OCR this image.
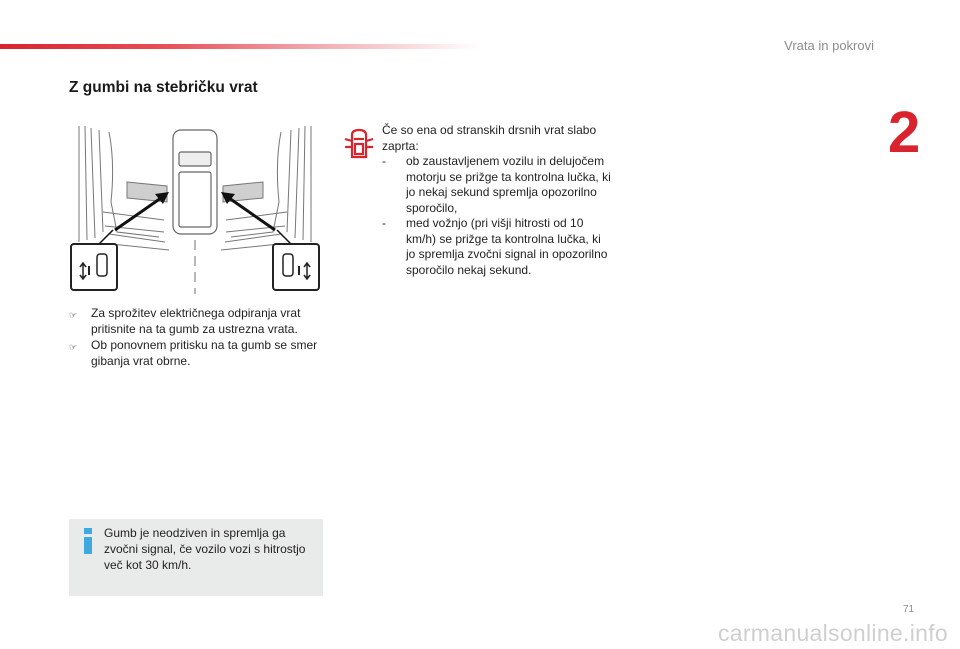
Vrata in pokrovi
2
Z gumbi na stebričku vrat
☞	Za sprožitev električnega odpiranja vrat pritisnite na ta gumb za ustrezna vrata.
☞	Ob ponovnem pritisku na ta gumb se smer gibanja vrat obrne.
Če so ena od stranskih drsnih vrat slabo zaprta:
-	ob zaustavljenem vozilu in delujočem motorju se prižge ta kontrolna lučka, ki jo nekaj sekund spremlja opozorilno sporočilo,
-	med vožnjo (pri višji hitrosti od 10 km/h) se prižge ta kontrolna lučka, ki jo spremlja zvočni signal in opozorilno sporočilo nekaj sekund.
Gumb je neodziven in spremlja ga zvočni signal, če vozilo vozi s hitrostjo več kot 30 km/h.
71
carmanualsonline.info
